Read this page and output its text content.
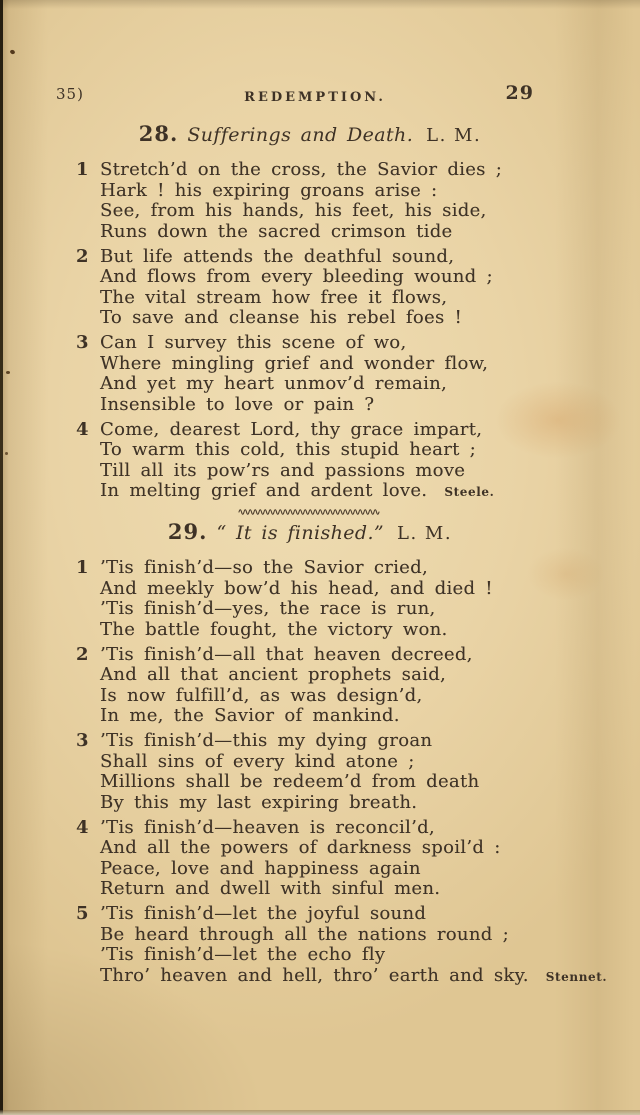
35)	REDEMPTION.	29
28. Sufferings and Death. L. M.
1 Stretch’d on the cross, the Savior dies ;
Hark ! his expiring groans arise :
See, from his hands, his feet, his side,
Runs down the sacred crimson tide
2 But life attends the deathful sound,
And flows from every bleeding wound ;
The vital stream how free it flows,
To save and cleanse his rebel foes !
3 Can I survey this scene of wo,
Where mingling grief and wonder flow,
And yet my heart unmov’d remain,
Insensible to love or pain ?
4 Come, dearest Lord, thy grace impart,
To warm this cold, this stupid heart ;
Till all its pow’rs and passions move
In melting grief and ardent love. Steele.
29. “ It is finished.” L. M.
1 ’Tis finish’d—so the Savior cried,
And meekly bow’d his head, and died !
’Tis finish’d—yes, the race is run,
The battle fought, the victory won.
2 ’Tis finish’d—all that heaven decreed,
And all that ancient prophets said,
Is now fulfill’d, as was design’d,
In me, the Savior of mankind.
3 ’Tis finish’d—this my dying groan
Shall sins of every kind atone ;
Millions shall be redeem’d from death
By this my last expiring breath.
4 ’Tis finish’d—heaven is reconcil’d,
And all the powers of darkness spoil’d :
Peace, love and happiness again
Return and dwell with sinful men.
5 ’Tis finish’d—let the joyful sound
Be heard through all the nations round ;
’Tis finish’d—let the echo fly
Thro’ heaven and hell, thro’ earth and sky. Stennet.
